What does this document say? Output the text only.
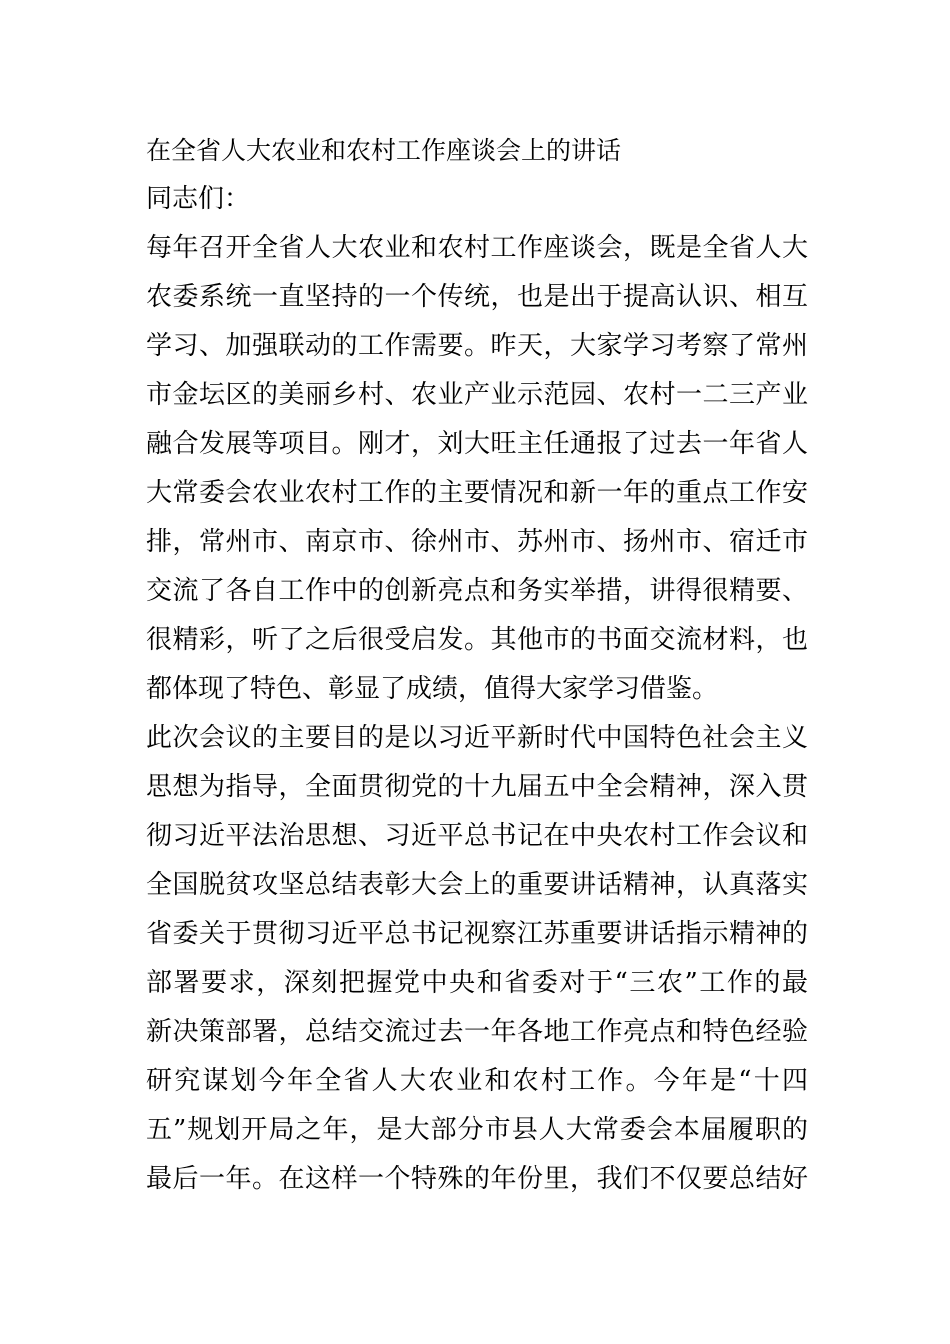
在全省人大农业和农村工作座谈会上的讲话

同志们：

每年召开全省人大农业和农村工作座谈会，既是全省人大
农委系统一直坚持的一个传统，也是出于提高认识、相互
学习、加强联动的工作需要。昨天，大家学习考察了常州
市金坛区的美丽乡村、农业产业示范园、农村一二三产业
融合发展等项目。刚才，刘大旺主任通报了过去一年省人
大常委会农业农村工作的主要情况和新一年的重点工作安
排，常州市、南京市、徐州市、苏州市、扬州市、宿迁市
交流了各自工作中的创新亮点和务实举措，讲得很精要、
很精彩，听了之后很受启发。其他市的书面交流材料，也
都体现了特色、彰显了成绩，值得大家学习借鉴。

此次会议的主要目的是以习近平新时代中国特色社会主义
思想为指导，全面贯彻党的十九届五中全会精神，深入贯
彻习近平法治思想、习近平总书记在中央农村工作会议和
全国脱贫攻坚总结表彰大会上的重要讲话精神，认真落实
省委关于贯彻习近平总书记视察江苏重要讲话指示精神的
部署要求，深刻把握党中央和省委对于“三农”工作的最
新决策部署，总结交流过去一年各地工作亮点和特色经验
研究谋划今年全省人大农业和农村工作。今年是“十四
五”规划开局之年，是大部分市县人大常委会本届履职的
最后一年。在这样一个特殊的年份里，我们不仅要总结好
